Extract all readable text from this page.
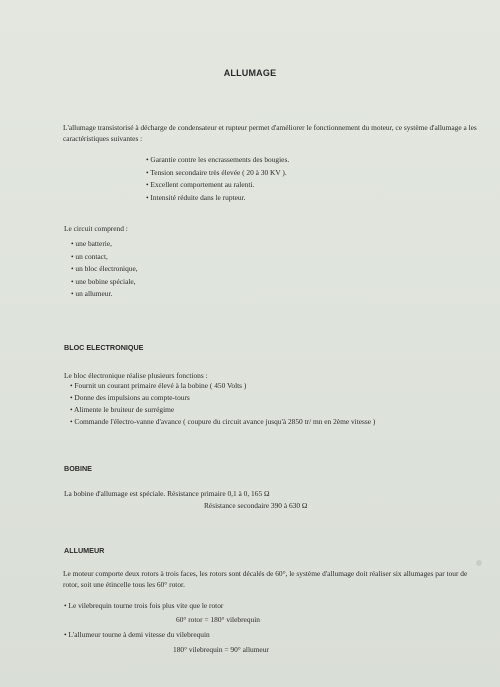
ALLUMAGE
L'allumage transistorisé à décharge de condensateur et rupteur permet d'améliorer le fonctionnement du moteur, ce système d'allumage a les caractéristiques suivantes :
• Garantie contre les encrassements des bougies.
• Tension secondaire très élevée ( 20 à 30 KV ).
• Excellent comportement au ralenti.
• Intensité réduite dans le rupteur.
Le circuit comprend :
• une batterie,
• un contact,
• un bloc électronique,
• une bobine spéciale,
• un allumeur.
BLOC ELECTRONIQUE
Le bloc électronique réalise plusieurs fonctions :
• Fournit un courant primaire élevé à la bobine ( 450 Volts )
• Donne des impulsions au compte-tours
• Alimente le bruiteur de surrégime
• Commande l'électro-vanne d'avance ( coupure du circuit avance jusqu'à 2850 tr/ mn en 2ème vitesse )
BOBINE
La bobine d'allumage est spéciale. Résistance primaire 0,1 à 0, 165 Ω
Résistance secondaire 390 à 630 Ω
ALLUMEUR
Le moteur comporte deux rotors à trois faces, les rotors sont décalés de 60°, le système d'allumage doit réaliser six allumages par tour de rotor, soit une étincelle tous les 60° rotor.
• Le vilebrequin tourne trois fois plus vite que le rotor
60° rotor = 180° vilebrequin
• L'allumeur tourne à demi vitesse du vilebrequin
180° vilebrequin = 90° allumeur
